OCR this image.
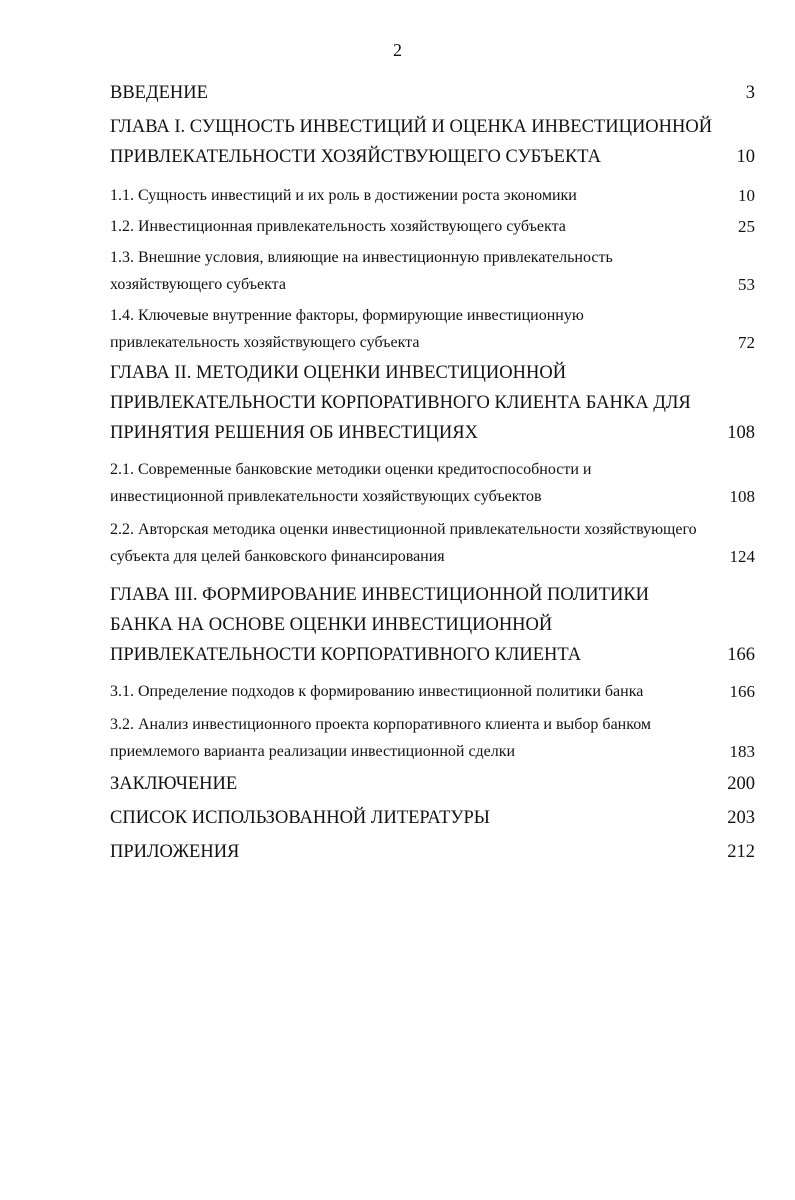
2
ВВЕДЕНИЕ	3
ГЛАВА I. СУЩНОСТЬ ИНВЕСТИЦИЙ И ОЦЕНКА ИНВЕСТИЦИОННОЙ ПРИВЛЕКАТЕЛЬНОСТИ ХОЗЯЙСТВУЮЩЕГО СУБЪЕКТА	10
1.1. Сущность инвестиций и их роль в достижении роста экономики	10
1.2. Инвестиционная привлекательность хозяйствующего субъекта	25
1.3. Внешние условия, влияющие на инвестиционную привлекательность хозяйствующего субъекта	53
1.4. Ключевые внутренние факторы, формирующие инвестиционную привлекательность хозяйствующего субъекта	72
ГЛАВА II. МЕТОДИКИ ОЦЕНКИ ИНВЕСТИЦИОННОЙ ПРИВЛЕКАТЕЛЬНОСТИ КОРПОРАТИВНОГО КЛИЕНТА БАНКА ДЛЯ ПРИНЯТИЯ РЕШЕНИЯ ОБ ИНВЕСТИЦИЯХ	108
2.1. Современные банковские методики оценки кредитоспособности и инвестиционной привлекательности хозяйствующих субъектов	108
2.2. Авторская методика оценки инвестиционной привлекательности хозяйствующего субъекта для целей банковского финансирования	124
ГЛАВА III. ФОРМИРОВАНИЕ ИНВЕСТИЦИОННОЙ ПОЛИТИКИ БАНКА НА ОСНОВЕ ОЦЕНКИ ИНВЕСТИЦИОННОЙ ПРИВЛЕКАТЕЛЬНОСТИ КОРПОРАТИВНОГО КЛИЕНТА	166
3.1. Определение подходов к формированию инвестиционной политики банка	166
3.2. Анализ инвестиционного проекта корпоративного клиента и выбор банком приемлемого варианта реализации инвестиционной сделки	183
ЗАКЛЮЧЕНИЕ	200
СПИСОК ИСПОЛЬЗОВАННОЙ ЛИТЕРАТУРЫ	203
ПРИЛОЖЕНИЯ	212
